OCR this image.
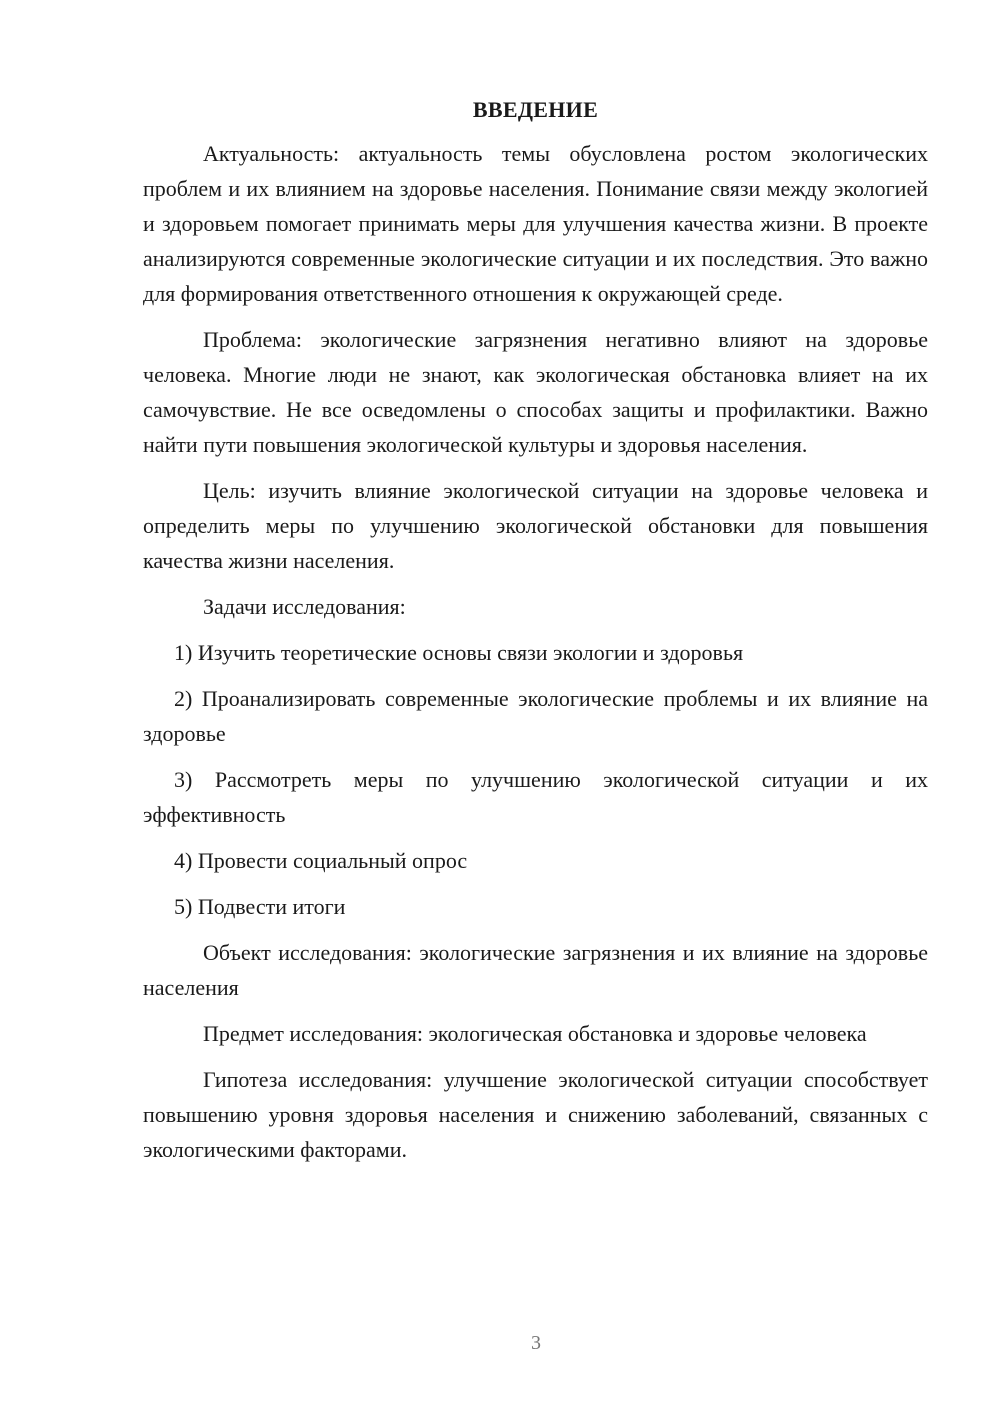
ВВЕДЕНИЕ

Актуальность: актуальность темы обусловлена ростом экологических проблем и их влиянием на здоровье населения. Понимание связи между экологией и здоровьем помогает принимать меры для улучшения качества жизни. В проекте анализируются современные экологические ситуации и их последствия. Это важно для формирования ответственного отношения к окружающей среде.

Проблема: экологические загрязнения негативно влияют на здоровье человека. Многие люди не знают, как экологическая обстановка влияет на их самочувствие. Не все осведомлены о способах защиты и профилактики. Важно найти пути повышения экологической культуры и здоровья населения.

Цель: изучить влияние экологической ситуации на здоровье человека и определить меры по улучшению экологической обстановки для повышения качества жизни населения.

Задачи исследования:

1) Изучить теоретические основы связи экологии и здоровья

2) Проанализировать современные экологические проблемы и их влияние на здоровье

3) Рассмотреть меры по улучшению экологической ситуации и их эффективность

4) Провести социальный опрос

5) Подвести итоги

Объект исследования: экологические загрязнения и их влияние на здоровье населения

Предмет исследования: экологическая обстановка и здоровье человека

Гипотеза исследования: улучшение экологической ситуации способствует повышению уровня здоровья населения и снижению заболеваний, связанных с экологическими факторами.

3
